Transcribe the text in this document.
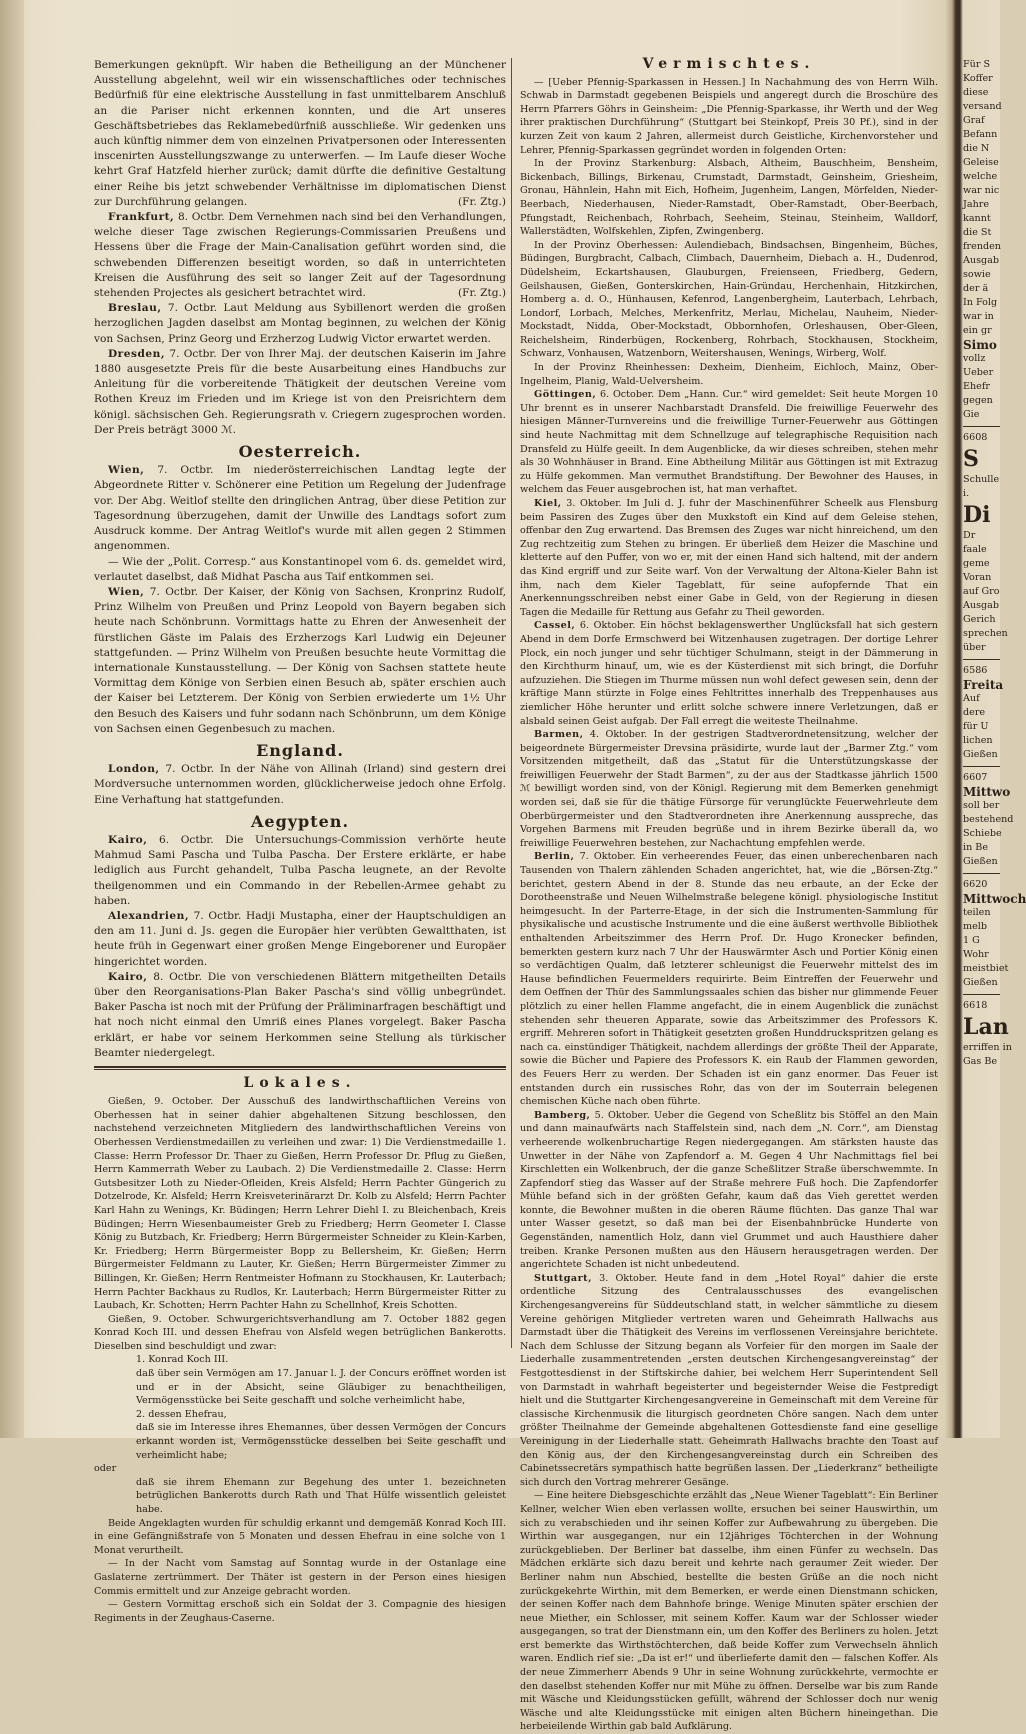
Bemerkungen geknüpft. Wir haben die Betheiligung an der Münchener Ausstellung abgelehnt, weil wir ein wissenschaftliches oder technisches Bedürfniß für eine elektrische Ausstellung in fast unmittelbarem Anschluß an die Pariser nicht erkennen konnten, und die Art unseres Geschäftsbetriebes das Reklamebedürfniß ausschließe. Wir gedenken uns auch künftig nimmer dem von einzelnen Privatpersonen oder Interessenten inscenirten Ausstellungszwange zu unterwerfen. — Im Laufe dieser Woche kehrt Graf Hatzfeld hierher zurück; damit dürfte die definitive Gestaltung einer Reihe bis jetzt schwebender Verhältnisse im diplomatischen Dienst zur Durchführung gelangen.	(Fr. Ztg.)

Frankfurt, 8. Octbr. Dem Vernehmen nach sind bei den Verhandlungen, welche dieser Tage zwischen Regierungs-Commissarien Preußens und Hessens über die Frage der Main-Canalisation geführt worden sind, die schwebenden Differenzen beseitigt worden, so daß in unterrichteten Kreisen die Ausführung des seit so langer Zeit auf der Tagesordnung stehenden Projectes als gesichert betrachtet wird.	(Fr. Ztg.)

Breslau, 7. Octbr. Laut Meldung aus Sybillenort werden die großen herzoglichen Jagden daselbst am Montag beginnen, zu welchen der König von Sachsen, Prinz Georg und Erzherzog Ludwig Victor erwartet werden.

Dresden, 7. Octbr. Der von Ihrer Maj. der deutschen Kaiserin im Jahre 1880 ausgesetzte Preis für die beste Ausarbeitung eines Handbuchs zur Anleitung für die vorbereitende Thätigkeit der deutschen Vereine vom Rothen Kreuz im Frieden und im Kriege ist von den Preisrichtern dem königl. sächsischen Geh. Regierungsrath v. Criegern zugesprochen worden. Der Preis beträgt 3000 ℳ.

Oesterreich.

Wien, 7. Octbr. Im niederösterreichischen Landtag legte der Abgeordnete Ritter v. Schönerer eine Petition um Regelung der Judenfrage vor. Der Abg. Weitlof stellte den dringlichen Antrag, über diese Petition zur Tagesordnung überzugehen, damit der Unwille des Landtags sofort zum Ausdruck komme. Der Antrag Weitlof's wurde mit allen gegen 2 Stimmen angenommen.

— Wie der „Polit. Corresp.“ aus Konstantinopel vom 6. ds. gemeldet wird, verlautet daselbst, daß Midhat Pascha aus Taif entkommen sei.

Wien, 7. Octbr. Der Kaiser, der König von Sachsen, Kronprinz Rudolf, Prinz Wilhelm von Preußen und Prinz Leopold von Bayern begaben sich heute nach Schönbrunn. Vormittags hatte zu Ehren der Anwesenheit der fürstlichen Gäste im Palais des Erzherzogs Karl Ludwig ein Dejeuner stattgefunden. — Prinz Wilhelm von Preußen besuchte heute Vormittag die internationale Kunstausstellung. — Der König von Sachsen stattete heute Vormittag dem Könige von Serbien einen Besuch ab, später erschien auch der Kaiser bei Letzterem. Der König von Serbien erwiederte um 1½ Uhr den Besuch des Kaisers und fuhr sodann nach Schönbrunn, um dem Könige von Sachsen einen Gegenbesuch zu machen.

England.

London, 7. Octbr. In der Nähe von Allinah (Irland) sind gestern drei Mordversuche unternommen worden, glücklicherweise jedoch ohne Erfolg. Eine Verhaftung hat stattgefunden.

Aegypten.

Kairo, 6. Octbr. Die Untersuchungs-Commission verhörte heute Mahmud Sami Pascha und Tulba Pascha. Der Erstere erklärte, er habe lediglich aus Furcht gehandelt, Tulba Pascha leugnete, an der Revolte theilgenommen und ein Commando in der Rebellen-Armee gehabt zu haben.

Alexandrien, 7. Octbr. Hadji Mustapha, einer der Hauptschuldigen an den am 11. Juni d. Js. gegen die Europäer hier verübten Gewaltthaten, ist heute früh in Gegenwart einer großen Menge Eingeborener und Europäer hingerichtet worden.

Kairo, 8. Octbr. Die von verschiedenen Blättern mitgetheilten Details über den Reorganisations-Plan Baker Pascha's sind völlig unbegründet. Baker Pascha ist noch mit der Prüfung der Präliminarfragen beschäftigt und hat noch nicht einmal den Umriß eines Planes vorgelegt. Baker Pascha erklärt, er habe vor seinem Herkommen seine Stellung als türkischer Beamter niedergelegt.

Lokales.

Gießen, 9. October. Der Ausschuß des landwirthschaftlichen Vereins von Oberhessen hat in seiner dahier abgehaltenen Sitzung beschlossen, den nachstehend verzeichneten Mitgliedern des landwirthschaftlichen Vereins von Oberhessen Verdienstmedaillen zu verleihen und zwar: 1) Die Verdienstmedaille 1. Classe: Herrn Professor Dr. Thaer zu Gießen, Herrn Professor Dr. Pflug zu Gießen, Herrn Kammerrath Weber zu Laubach. 2) Die Verdienstmedaille 2. Classe: Herrn Gutsbesitzer Loth zu Nieder-Ofleiden, Kreis Alsfeld; Herrn Pachter Güngerich zu Dotzelrode, Kr. Alsfeld; Herrn Kreisveterinärarzt Dr. Kolb zu Alsfeld; Herrn Pachter Karl Hahn zu Wenings, Kr. Büdingen; Herrn Lehrer Diehl I. zu Bleichenbach, Kreis Büdingen; Herrn Wiesenbaumeister Greb zu Friedberg; Herrn Geometer I. Classe König zu Butzbach, Kr. Friedberg; Herrn Bürgermeister Schneider zu Klein-Karben, Kr. Friedberg; Herrn Bürgermeister Bopp zu Bellersheim, Kr. Gießen; Herrn Bürgermeister Feldmann zu Lauter, Kr. Gießen; Herrn Bürgermeister Zimmer zu Billingen, Kr. Gießen; Herrn Rentmeister Hofmann zu Stockhausen, Kr. Lauterbach; Herrn Pachter Backhaus zu Rudlos, Kr. Lauterbach; Herrn Bürgermeister Ritter zu Laubach, Kr. Schotten; Herrn Pachter Hahn zu Schellnhof, Kreis Schotten.

Gießen, 9. October. Schwurgerichtsverhandlung am 7. October 1882 gegen Konrad Koch III. und dessen Ehefrau von Alsfeld wegen betrüglichen Bankerotts. Dieselben sind beschuldigt und zwar:

1. Konrad Koch III.

daß über sein Vermögen am 17. Januar l. J. der Concurs eröffnet worden ist und er in der Absicht, seine Gläubiger zu benachtheiligen, Vermögensstücke bei Seite geschafft und solche verheimlicht habe,

2. dessen Ehefrau,

daß sie im Interesse ihres Ehemannes, über dessen Vermögen der Concurs erkannt worden ist, Vermögensstücke desselben bei Seite geschafft und verheimlicht habe;

oder

daß sie ihrem Ehemann zur Begehung des unter 1. bezeichneten betrüglichen Bankerotts durch Rath und That Hülfe wissentlich geleistet habe.

Beide Angeklagten wurden für schuldig erkannt und demgemäß Konrad Koch III. in eine Gefängnißstrafe von 5 Monaten und dessen Ehefrau in eine solche von 1 Monat verurtheilt.

— In der Nacht vom Samstag auf Sonntag wurde in der Ostanlage eine Gaslaterne zertrümmert. Der Thäter ist gestern in der Person eines hiesigen Commis ermittelt und zur Anzeige gebracht worden.

— Gestern Vormittag erschoß sich ein Soldat der 3. Compagnie des hiesigen Regiments in der Zeughaus-Caserne.

Vermischtes.

— [Ueber Pfennig-Sparkassen in Hessen.] In Nachahmung des von Herrn Wilh. Schwab in Darmstadt gegebenen Beispiels und angeregt durch die Broschüre des Herrn Pfarrers Göhrs in Geinsheim: „Die Pfennig-Sparkasse, ihr Werth und der Weg ihrer praktischen Durchführung“ (Stuttgart bei Steinkopf, Preis 30 Pf.), sind in der kurzen Zeit von kaum 2 Jahren, allermeist durch Geistliche, Kirchenvorsteher und Lehrer, Pfennig-Sparkassen gegründet worden in folgenden Orten:

In der Provinz Starkenburg: Alsbach, Altheim, Bauschheim, Bensheim, Bickenbach, Billings, Birkenau, Crumstadt, Darmstadt, Geinsheim, Griesheim, Gronau, Hähnlein, Hahn mit Eich, Hofheim, Jugenheim, Langen, Mörfelden, Nieder-Beerbach, Niederhausen, Nieder-Ramstadt, Ober-Ramstadt, Ober-Beerbach, Pfungstadt, Reichenbach, Rohrbach, Seeheim, Steinau, Steinheim, Walldorf, Wallerstädten, Wolfskehlen, Zipfen, Zwingenberg.

In der Provinz Oberhessen: Aulendiebach, Bindsachsen, Bingenheim, Büches, Büdingen, Burgbracht, Calbach, Climbach, Dauernheim, Diebach a. H., Dudenrod, Düdelsheim, Eckartshausen, Glauburgen, Freienseen, Friedberg, Gedern, Geilshausen, Gießen, Gonterskirchen, Hain-Gründau, Herchenhain, Hitzkirchen, Homberg a. d. O., Hünhausen, Kefenrod, Langenbergheim, Lauterbach, Lehrbach, Londorf, Lorbach, Melches, Merkenfritz, Merlau, Michelau, Nauheim, Nieder-Mockstadt, Nidda, Ober-Mockstadt, Obbornhofen, Orleshausen, Ober-Gleen, Reichelsheim, Rinderbügen, Rockenberg, Rohrbach, Stockhausen, Stockheim, Schwarz, Vonhausen, Watzenborn, Weitershausen, Wenings, Wirberg, Wolf.

In der Provinz Rheinhessen: Dexheim, Dienheim, Eichloch, Mainz, Ober-Ingelheim, Planig, Wald-Uelversheim.

Göttingen, 6. October. Dem „Hann. Cur.“ wird gemeldet: Seit heute Morgen 10 Uhr brennt es in unserer Nachbarstadt Dransfeld. Die freiwillige Feuerwehr des hiesigen Männer-Turnvereins und die freiwillige Turner-Feuerwehr aus Göttingen sind heute Nachmittag mit dem Schnellzuge auf telegraphische Requisition nach Dransfeld zu Hülfe geeilt. In dem Augenblicke, da wir dieses schreiben, stehen mehr als 30 Wohnhäuser in Brand. Eine Abtheilung Militär aus Göttingen ist mit Extrazug zu Hülfe gekommen. Man vermuthet Brandstiftung. Der Bewohner des Hauses, in welchem das Feuer ausgebrochen ist, hat man verhaftet.

Kiel, 3. Oktober. Im Juli d. J. fuhr der Maschinenführer Scheelk aus Flensburg beim Passiren des Zuges über den Muxkstoft ein Kind auf dem Geleise stehen, offenbar den Zug erwartend. Das Bremsen des Zuges war nicht hinreichend, um den Zug rechtzeitig zum Stehen zu bringen. Er überließ dem Heizer die Maschine und kletterte auf den Puffer, von wo er, mit der einen Hand sich haltend, mit der andern das Kind ergriff und zur Seite warf. Von der Verwaltung der Altona-Kieler Bahn ist ihm, nach dem Kieler Tageblatt, für seine aufopfernde That ein Anerkennungsschreiben nebst einer Gabe in Geld, von der Regierung in diesen Tagen die Medaille für Rettung aus Gefahr zu Theil geworden.

Cassel, 6. Oktober. Ein höchst beklagenswerther Unglücksfall hat sich gestern Abend in dem Dorfe Ermschwerd bei Witzenhausen zugetragen. Der dortige Lehrer Plock, ein noch junger und sehr tüchtiger Schulmann, steigt in der Dämmerung in den Kirchthurm hinauf, um, wie es der Küsterdienst mit sich bringt, die Dorfuhr aufzuziehen. Die Stiegen im Thurme müssen nun wohl defect gewesen sein, denn der kräftige Mann stürzte in Folge eines Fehltrittes innerhalb des Treppenhauses aus ziemlicher Höhe herunter und erlitt solche schwere innere Verletzungen, daß er alsbald seinen Geist aufgab. Der Fall erregt die weiteste Theilnahme.

Barmen, 4. Oktober. In der gestrigen Stadtverordnetensitzung, welcher der beigeordnete Bürgermeister Drevsina präsidirte, wurde laut der „Barmer Ztg.“ vom Vorsitzenden mitgetheilt, daß das „Statut für die Unterstützungskasse der freiwilligen Feuerwehr der Stadt Barmen“, zu der aus der Stadtkasse jährlich 1500 ℳ bewilligt worden sind, von der Königl. Regierung mit dem Bemerken genehmigt worden sei, daß sie für die thätige Fürsorge für verunglückte Feuerwehrleute dem Oberbürgermeister und den Stadtverordneten ihre Anerkennung ausspreche, das Vorgehen Barmens mit Freuden begrüße und in ihrem Bezirke überall da, wo freiwillige Feuerwehren bestehen, zur Nachachtung empfehlen werde.

Berlin, 7. Oktober. Ein verheerendes Feuer, das einen unberechenbaren nach Tausenden von Thalern zählenden Schaden angerichtet, hat, wie die „Börsen-Ztg.“ berichtet, gestern Abend in der 8. Stunde das neu erbaute, an der Ecke der Dorotheenstraße und Neuen Wilhelmstraße belegene königl. physiologische Institut heimgesucht. In der Parterre-Etage, in der sich die Instrumenten-Sammlung für physikalische und acustische Instrumente und die eine äußerst werthvolle Bibliothek enthaltenden Arbeitszimmer des Herrn Prof. Dr. Hugo Kronecker befinden, bemerkten gestern kurz nach 7 Uhr der Hauswärmter Asch und Portier König einen so verdächtigen Qualm, daß letzterer schleunigst die Feuerwehr mittelst des im Hause befindlichen Feuermelders requirirte. Beim Eintreffen der Feuerwehr und dem Oeffnen der Thür des Sammlungssaales schien das bisher nur glimmende Feuer plötzlich zu einer hellen Flamme angefacht, die in einem Augenblick die zunächst stehenden sehr theueren Apparate, sowie das Arbeitszimmer des Professors K. ergriff. Mehreren sofort in Thätigkeit gesetzten großen Hunddruckspritzen gelang es nach ca. einstündiger Thätigkeit, nachdem allerdings der größte Theil der Apparate, sowie die Bücher und Papiere des Professors K. ein Raub der Flammen geworden, des Feuers Herr zu werden. Der Schaden ist ein ganz enormer. Das Feuer ist entstanden durch ein russisches Rohr, das von der im Souterrain belegenen chemischen Küche nach oben führte.

Bamberg, 5. Oktober. Ueber die Gegend von Scheßlitz bis Stöffel an den Main und dann mainaufwärts nach Staffelstein sind, nach dem „N. Corr.“, am Dienstag verheerende wolkenbruchartige Regen niedergegangen. Am stärksten hauste das Unwetter in der Nähe von Zapfendorf a. M. Gegen 4 Uhr Nachmittags fiel bei Kirschletten ein Wolkenbruch, der die ganze Scheßlitzer Straße überschwemmte. In Zapfendorf stieg das Wasser auf der Straße mehrere Fuß hoch. Die Zapfendorfer Mühle befand sich in der größten Gefahr, kaum daß das Vieh gerettet werden konnte, die Bewohner mußten in die oberen Räume flüchten. Das ganze Thal war unter Wasser gesetzt, so daß man bei der Eisenbahnbrücke Hunderte von Gegenständen, namentlich Holz, dann viel Grummet und auch Hausthiere daher treiben. Kranke Personen mußten aus den Häusern herausgetragen werden. Der angerichtete Schaden ist nicht unbedeutend.

Stuttgart, 3. Oktober. Heute fand in dem „Hotel Royal“ dahier die erste ordentliche Sitzung des Centralausschusses des evangelischen Kirchengesangvereins für Süddeutschland statt, in welcher sämmtliche zu diesem Vereine gehörigen Mitglieder vertreten waren und Geheimrath Hallwachs aus Darmstadt über die Thätigkeit des Vereins im verflossenen Vereinsjahre berichtete. Nach dem Schlusse der Sitzung begann als Vorfeier für den morgen im Saale der Liederhalle zusammentretenden „ersten deutschen Kirchengesangvereinstag“ der Festgottesdienst in der Stiftskirche dahier, bei welchem Herr Superintendent Sell von Darmstadt in wahrhaft begeisterter und begeisternder Weise die Festpredigt hielt und die Stuttgarter Kirchengesangvereine in Gemeinschaft mit dem Vereine für classische Kirchenmusik die liturgisch geordneten Chöre sangen. Nach dem unter größter Theilnahme der Gemeinde abgehaltenen Gottesdienste fand eine gesellige Vereinigung in der Liederhalle statt. Geheimrath Hallwachs brachte den Toast auf den König aus, der den Kirchengesangvereinstag durch ein Schreiben des Cabinetssecretärs sympathisch hatte begrüßen lassen. Der „Liederkranz“ betheiligte sich durch den Vortrag mehrerer Gesänge.

— Eine heitere Diebsgeschichte erzählt das „Neue Wiener Tageblatt“: Ein Berliner Kellner, welcher Wien eben verlassen wollte, ersuchen bei seiner Hauswirthin, um sich zu verabschieden und ihr seinen Koffer zur Aufbewahrung zu übergeben. Die Wirthin war ausgegangen, nur ein 12jähriges Töchterchen in der Wohnung zurückgeblieben. Der Berliner bat dasselbe, ihm einen Fünfer zu wechseln. Das Mädchen erklärte sich dazu bereit und kehrte nach geraumer Zeit wieder. Der Berliner nahm nun Abschied, bestellte die besten Grüße an die noch nicht zurückgekehrte Wirthin, mit dem Bemerken, er werde einen Dienstmann schicken, der seinen Koffer nach dem Bahnhofe bringe. Wenige Minuten später erschien der neue Miether, ein Schlosser, mit seinem Koffer. Kaum war der Schlosser wieder ausgegangen, so trat der Dienstmann ein, um den Koffer des Berliners zu holen. Jetzt erst bemerkte das Wirthstöchterchen, daß beide Koffer zum Verwechseln ähnlich waren. Endlich rief sie: „Da ist er!“ und überlieferte damit den — falschen Koffer. Als der neue Zimmerherr Abends 9 Uhr in seine Wohnung zurückkehrte, vermochte er den daselbst stehenden Koffer nur mit Mühe zu öffnen. Derselbe war bis zum Rande mit Wäsche und Kleidungsstücken gefüllt, während der Schlosser doch nur wenig Wäsche und alte Kleidungsstücke mit einigen alten Büchern hineingethan. Die herbeieilende Wirthin gab bald Aufklärung.

Für S
Koffer
diese
versand
Graf
Befann
die N
Geleise
welche
war nic
Jahre
kannt
die St
frenden
Ausgab
sowie
der ä
In Folg
war in
ein gr
Simo
vollz
Ueber
Ehefr
gegen
Gie
6608
S
Schulle
i.
Di
Dr
faale
geme
Voran
auf Gro
Ausgab
Gerich
sprechen
über
6586
Freita
Auf
dere
für U
lichen
Gießen
6607
Mittwo
soll ber
bestehend
Schiebe
in Be
Gießen
6620
Mittwoch
teilen
melb
1 G
Wohr
meistbiet
Gießen
6618
Lan
erriffen in
Gas Be
